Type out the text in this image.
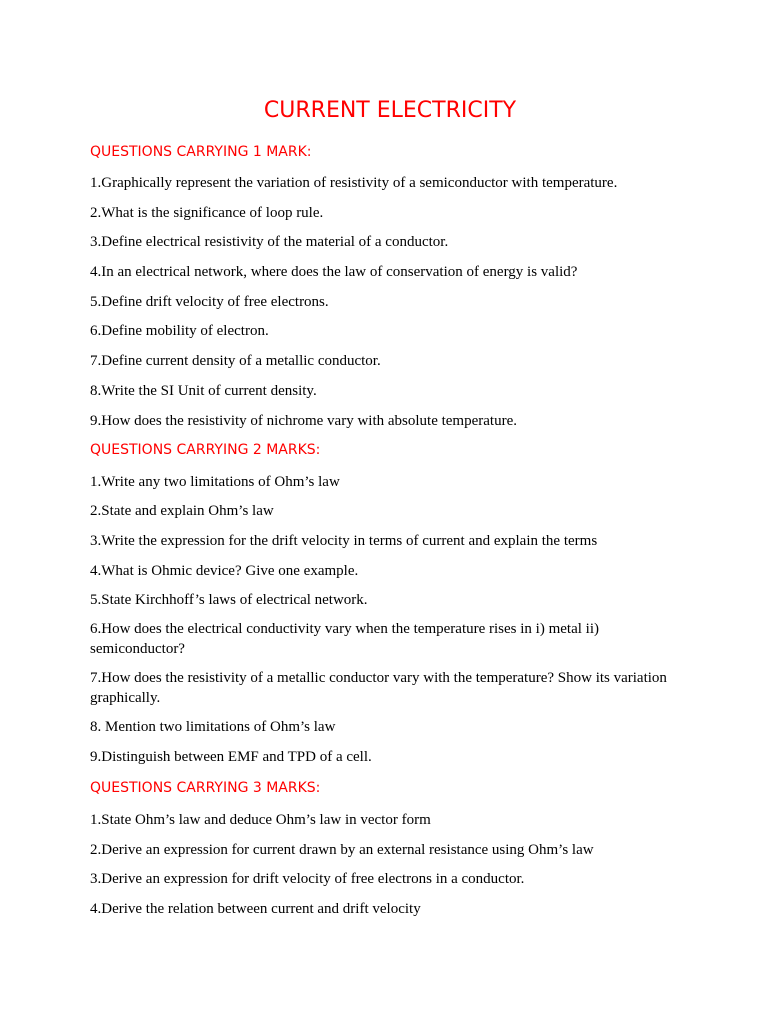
CURRENT ELECTRICITY
QUESTIONS CARRYING 1 MARK:
1.Graphically represent the variation of resistivity of a semiconductor with temperature.
2.What is the significance of loop rule.
3.Define electrical resistivity of the material of a conductor.
4.In an electrical network, where does the law of conservation of energy is valid?
5.Define drift velocity of free electrons.
6.Define mobility of electron.
7.Define current density of a metallic conductor.
8.Write the SI Unit of current density.
9.How does the resistivity of nichrome vary with absolute temperature.
QUESTIONS CARRYING 2 MARKS:
1.Write any two limitations of Ohm’s law
2.State and explain Ohm’s law
3.Write the expression for the drift velocity in terms of current and explain the terms
4.What is Ohmic device? Give one example.
5.State Kirchhoff’s laws of electrical network.
6.How does the electrical conductivity vary when the temperature rises in i) metal ii) semiconductor?
7.How does the resistivity of a metallic conductor vary with the temperature? Show its variation graphically.
8. Mention two limitations of Ohm’s law
9.Distinguish between EMF and TPD of a cell.
QUESTIONS CARRYING 3 MARKS:
1.State Ohm’s law and deduce Ohm’s law in vector form
2.Derive an expression for current drawn by an external resistance using Ohm’s law
3.Derive an expression for drift velocity of free electrons in a conductor.
4.Derive the relation between current and drift velocity
